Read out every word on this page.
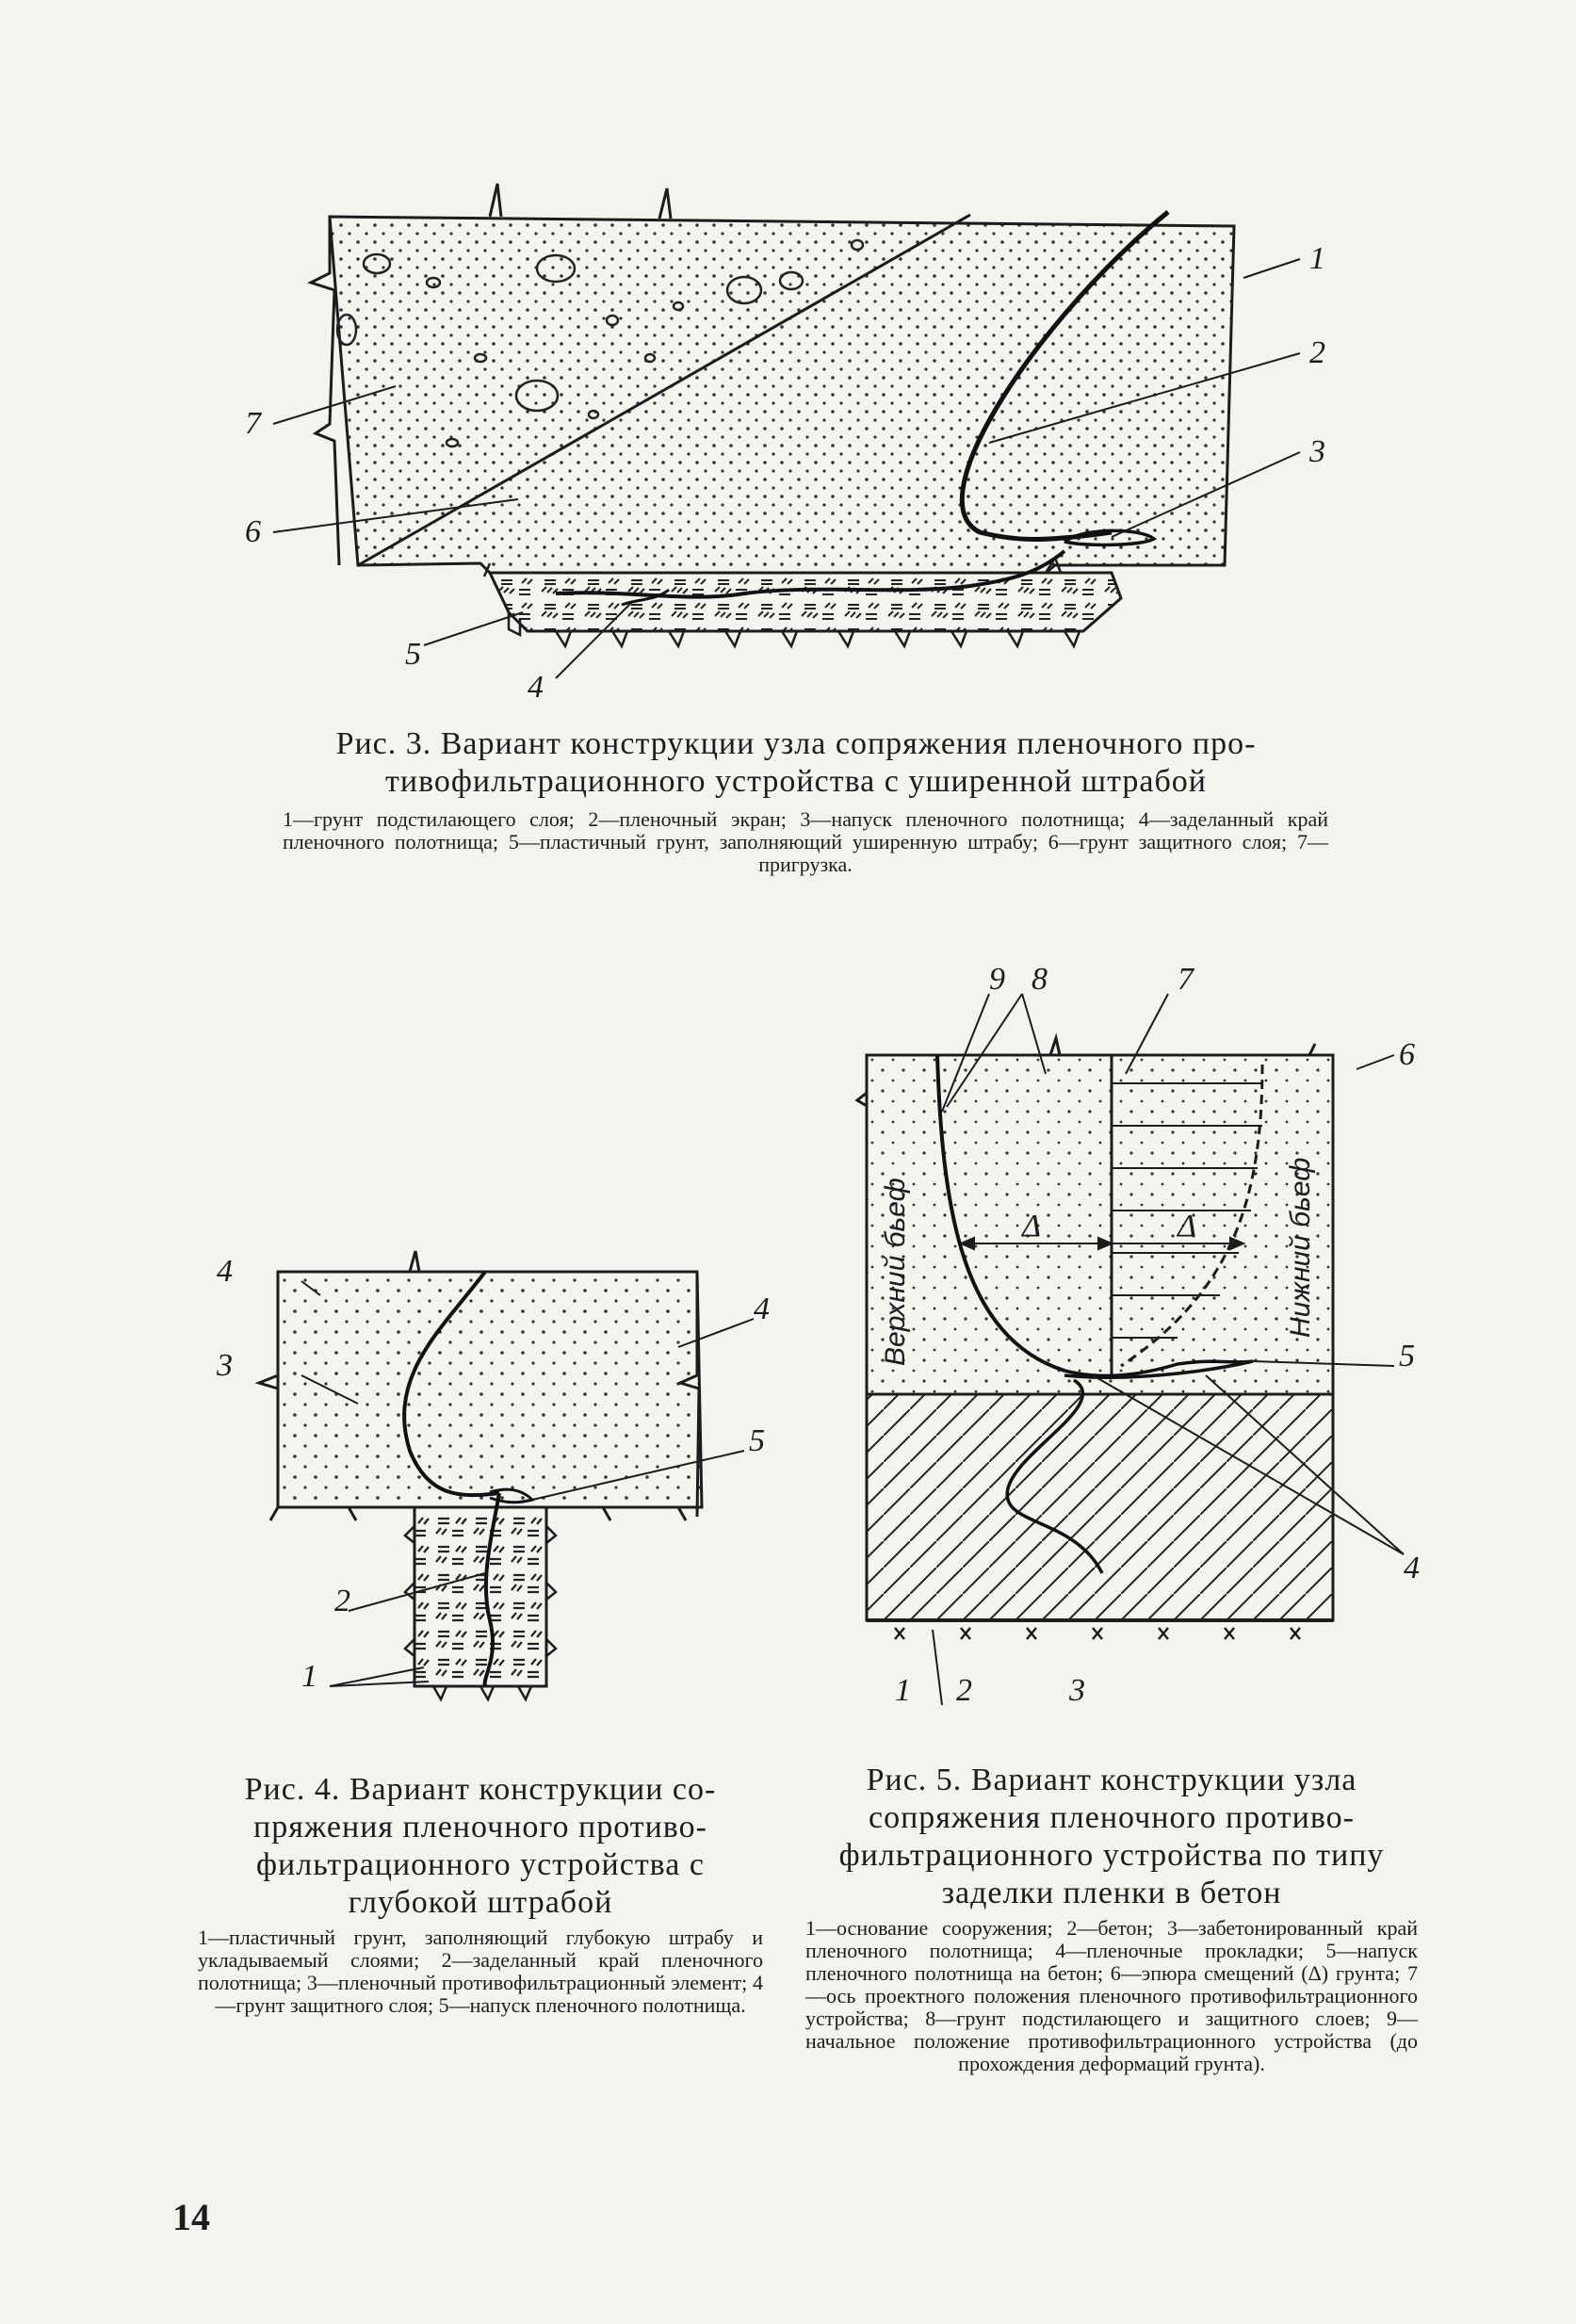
1
2
3
4
5
6
7
Рис. 3. Вариант конструкции узла сопряжения пленочного про-
тивофильтрационного устройства с уширенной штрабой

1—грунт подстилающего слоя; 2—пленочный экран; 3—напуск пленочного полотнища; 4—заделанный край пленочного полотнища; 5—пластичный грунт, заполняющий уширенную штрабу; 6—грунт защитного слоя; 7—пригрузка.

4
3
4
5
2
1
Рис. 4. Вариант конструкции со-
пряжения пленочного противо-
фильтрационного устройства с
глубокой штрабой

1—пластичный грунт, заполняющий глубокую штрабу и укладываемый слоями; 2—заделанный край пленочного полотнища; 3—пленочный противофильтрационный элемент; 4—грунт защитного слоя; 5—напуск пленочного полотнища.

Δ	Δ
Верхний бьеф	Нижний бьеф
9 8	7
6
5
4
1 2	3
Рис. 5. Вариант конструкции узла
сопряжения пленочного противо-
фильтрационного устройства по типу
заделки пленки в бетон

1—основание сооружения; 2—бетон; 3—забетонированный край пленочного полотнища; 4—пленочные прокладки; 5—напуск пленочного полотнища на бетон; 6—эпюра смещений (Δ) грунта; 7—ось проектного положения пленочного противофильтрационного устройства; 8—грунт подстилающего и защитного слоев; 9—начальное положение противофильтрационного устройства (до прохождения деформаций грунта).

14
